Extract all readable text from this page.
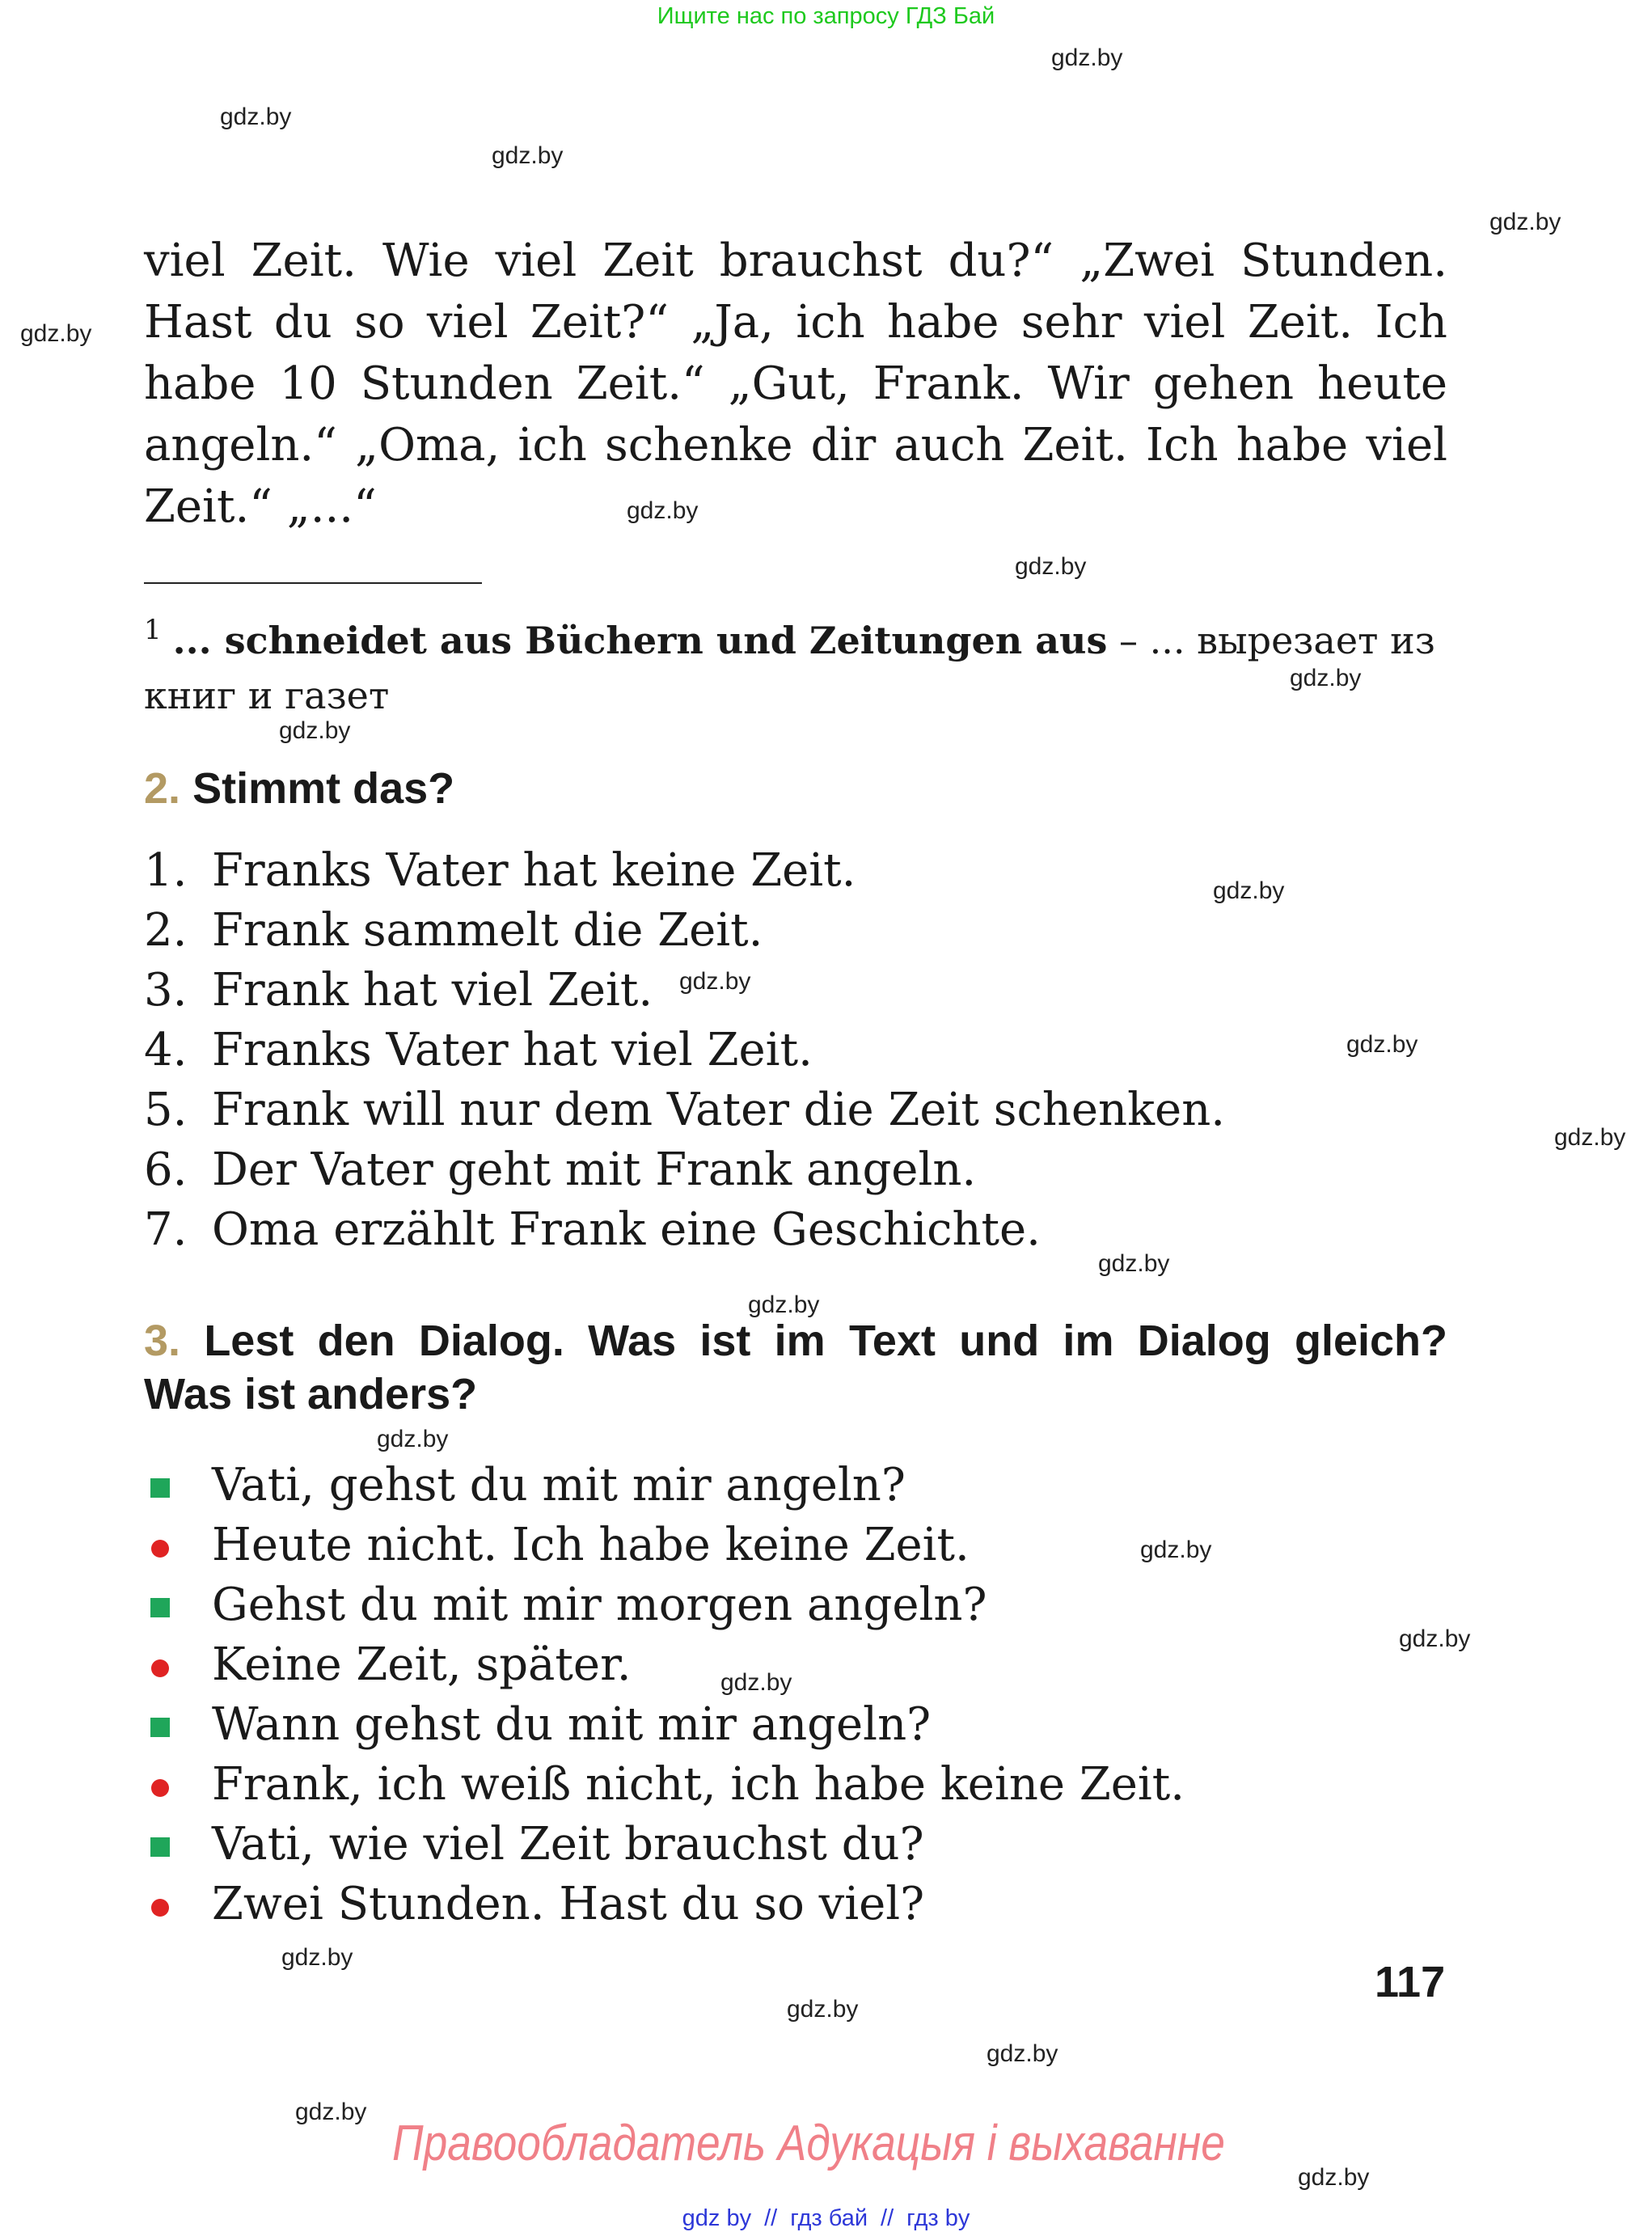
Ищите нас по запросу ГДЗ Бай
gdz.by
gdz.by
gdz.by
gdz.by
gdz.by
gdz.by
gdz.by
gdz.by
gdz.by
gdz.by
gdz.by
gdz.by
gdz.by
gdz.by
gdz.by
gdz.by
gdz.by
gdz.by
gdz.by
gdz.by
gdz.by
gdz.by
gdz.by
gdz.by
viel Zeit. Wie viel Zeit brauchst du?“ „Zwei Stunden.
Hast du so viel Zeit?“ „Ja, ich habe sehr viel Zeit. Ich
habe 10 Stunden Zeit.“ „Gut, Frank. Wir gehen heute
angeln.“ „Oma, ich schenke dir auch Zeit. Ich habe viel
Zeit.“ „...“
$^1$ ... schneidet aus Büchern und Zeitungen aus – ... вырезает из книг и газет
2. Stimmt das?
1. Franks Vater hat keine Zeit.
2. Frank sammelt die Zeit.
3. Frank hat viel Zeit.
4. Franks Vater hat viel Zeit.
5. Frank will nur dem Vater die Zeit schenken.
6. Der Vater geht mit Frank angeln.
7. Oma erzählt Frank eine Geschichte.
3. Lest den Dialog. Was ist im Text und im Dialog gleich?
Was ist anders?
Vati, gehst du mit mir angeln?
Heute nicht. Ich habe keine Zeit.
Gehst du mit mir morgen angeln?
Keine Zeit, später.
Wann gehst du mit mir angeln?
Frank, ich weiß nicht, ich habe keine Zeit.
Vati, wie viel Zeit brauchst du?
Zwei Stunden. Hast du so viel?
117
Правообладатель Адукацыя і выхаванне
gdz by // гдз бай // гдз by
